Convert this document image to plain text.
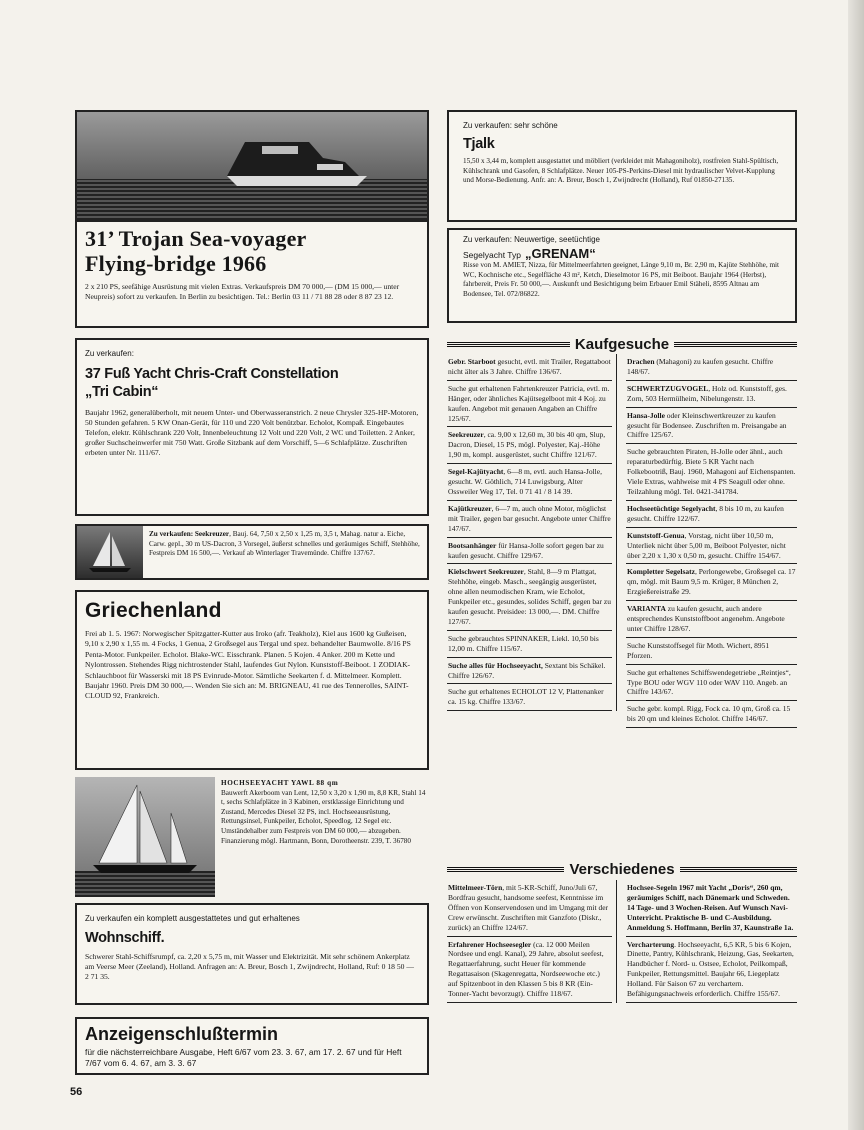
31’ Trojan Sea-voyager
Flying-bridge 1966

2 x 210 PS, seefähige Ausrüstung mit vielen Extras. Verkaufspreis DM 70 000,— (DM 15 000,— unter Neupreis) sofort zu verkaufen. In Berlin zu besichtigen. Tel.: Berlin 03 11 / 71 88 28 oder 8 87 23 12.

Zu verkaufen:
37 Fuß Yacht Chris-Craft Constellation
„Tri Cabin“

Baujahr 1962, generalüberholt, mit neuem Unter- und Oberwasseranstrich. 2 neue Chrysler 325-HP-Motoren, 50 Stunden gefahren. 5 KW Onan-Gerät, für 110 und 220 Volt benützbar. Echolot, Kompaß. Eingebautes Telefon, elektr. Kühlschrank 220 Volt, Innenbeleuchtung 12 Volt und 220 Volt, 2 WC und Toiletten. 2 Anker, großer Suchscheinwerfer mit 750 Watt. Große Sitzbank auf dem Vorschiff, 5—6 Schlafplätze. Zuschriften erbeten unter Nr. 111/67.

Zu verkaufen: Seekreuzer, Bauj. 64, 7,50 x 2,50 x 1,25 m, 3,5 t, Mahag. natur a. Eiche, Carw. gepl., 30 m US-Dacron, 3 Vorsegel, äußerst schnelles und geräumiges Schiff, Stehhöhe, Festpreis DM 16 500,—. Verkauf ab Winterlager Travemünde. Chiffre 137/67.
Griechenland

Frei ab 1. 5. 1967: Norwegischer Spitzgatter-Kutter aus Iroko (afr. Teakholz), Kiel aus 1600 kg Gußeisen, 9,10 x 2,90 x 1,55 m. 4 Focks, 1 Genua, 2 Großsegel aus Tergal und spez. behandelter Baumwolle. 8/16 PS Penta-Motor. Funkpeiler. Echolot. Blake-WC. Eisschrank. Planen. 5 Kojen. 4 Anker. 200 m Kette und Nylontrossen. Stehendes Rigg nichtrostender Stahl, laufendes Gut Nylon. Kunststoff-Beiboot. 1 ZODIAK-Schlauchboot für Wasserski mit 18 PS Evinrude-Motor. Sämtliche Seekarten f. d. Mittelmeer. Komplett. Baujahr 1960. Preis DM 30 000,—. Wenden Sie sich an: M. BRIGNEAU, 41 rue des Tennerolles, SAINT-CLOUD 92, Frankreich.

HOCHSEEYACHT YAWL 88 qm
Bauwerft Akerboom van Lent, 12,50 x 3,20 x 1,90 m, 8,8 KR, Stahl 14 t, sechs Schlafplätze in 3 Kabinen, erstklassige Einrichtung und Zustand, Mercedes Diesel 32 PS, incl. Hochseeausrüstung, Rettungsinsel, Funkpeiler, Echolot, Speedlog, 12 Segel etc. Umständehalber zum Festpreis von DM 60 000,— abzugeben. Finanzierung mögl. Hartmann, Bonn, Dorotheenstr. 239, T. 36780
Zu verkaufen ein komplett ausgestattetes und gut erhaltenes
Wohnschiff.

Schwerer Stahl-Schiffsrumpf, ca. 2,20 x 5,75 m, mit Wasser und Elektrizität. Mit sehr schönem Ankerplatz am Veerse Meer (Zeeland), Holland. Anfragen an: A. Breur, Bosch 1, Zwijndrecht, Holland, Ruf: 0 18 50 — 2 71 35.

Anzeigenschlußtermin

für die nächsterreichbare Ausgabe, Heft 6/67 vom 23. 3. 67, am 17. 2. 67 und für Heft 7/67 vom 6. 4. 67, am 3. 3. 67

Zu verkaufen: sehr schöne
Tjalk

15,50 x 3,44 m, komplett ausgestattet und möbliert (verkleidet mit Mahagoniholz), rostfreien Stahl-Spültisch, Kühlschrank und Gasofen, 8 Schlafplätze. Neuer 105-PS-Perkins-Diesel mit hydraulischer Velvet-Kupplung und Morse-Bedienung. Anfr. an: A. Breur, Bosch 1, Zwijndrecht (Holland), Ruf 01850-27135.

Zu verkaufen: Neuwertige, seetüchtige
Segelyacht Typ „GRENAM“

Risse von M. AMIET, Nizza, für Mittelmeerfahrten geeignet, Länge 9,10 m, Br. 2,90 m, Kajüte Stehhöhe, mit WC, Kochnische etc., Segelfläche 43 m², Ketch, Dieselmotor 16 PS, mit Beiboot. Baujahr 1964 (Herbst), fahrbereit, Preis Fr. 50 000,—. Auskunft und Besichtigung beim Erbauer Emil Stäheli, 8595 Altnau am Bodensee, Tel. 072/86822.

Kaufgesuche
Gebr. Starboot gesucht, evtl. mit Trailer, Regattaboot nicht älter als 3 Jahre. Chiffre 136/67.
Suche gut erhaltenen Fahrtenkreuzer Patricia, evtl. m. Hänger, oder ähnliches Kajütsegelboot mit 4 Koj. zu kaufen. Angebot mit genauen Angaben an Chiffre 125/67.
Seekreuzer, ca. 9,00 x 12,60 m, 30 bis 40 qm, Slup, Dacron, Diesel, 15 PS, mögl. Polyester, Kaj.-Höhe 1,90 m, kompl. ausgerüstet, sucht Chiffre 121/67.
Segel-Kajütyacht, 6—8 m, evtl. auch Hansa-Jolle, gesucht. W. Göthlich, 714 Luwigsburg, Alter Ossweiler Weg 17, Tel. 0 71 41 / 8 14 39.
Kajütkreuzer, 6—7 m, auch ohne Motor, möglichst mit Trailer, gegen bar gesucht. Angebote unter Chiffre 147/67.
Bootsanhänger für Hansa-Jolle sofort gegen bar zu kaufen gesucht. Chiffre 129/67.
Kielschwert Seekreuzer, Stahl, 8—9 m Plattgat, Stehhöhe, eingeb. Masch., seegängig ausgerüstet, ohne allen neumodischen Kram, wie Echolot, Funkpeiler etc., gesundes, solides Schiff, gegen bar zu kaufen gesucht. Preisidee: 13 000,—. DM. Chiffre 127/67.
Suche gebrauchtes SPINNAKER, Liekl. 10,50 bis 12,00 m. Chiffre 115/67.
Suche alles für Hochseeyacht, Sextant bis Schäkel. Chiffre 126/67.
Suche gut erhaltenes ECHOLOT 12 V, Plattenanker ca. 15 kg. Chiffre 133/67.
Drachen (Mahagoni) zu kaufen gesucht. Chiffre 148/67.
SCHWERTZUGVOGEL, Holz od. Kunststoff, ges. Zorn, 503 Hermülheim, Nibelungenstr. 13.
Hansa-Jolle oder Kleinschwertkreuzer zu kaufen gesucht für Bodensee. Zuschriften m. Preisangabe an Chiffre 125/67.
Suche gebrauchten Piraten, H-Jolle oder ähnl., auch reparaturbedürftig. Biete 5 KR Yacht nach Folkebootriß, Bauj. 1960, Mahagoni auf Eichenspanten. Viele Extras, wahlweise mit 4 PS Seagull oder ohne. Teilzahlung mögl. Tel. 0421-341784.
Hochseetüchtige Segelyacht, 8 bis 10 m, zu kaufen gesucht. Chiffre 122/67.
Kunststoff-Genua, Vorstag, nicht über 10,50 m, Unterliek nicht über 5,00 m, Beiboot Polyester, nicht über 2,20 x 1,30 x 0,50 m, gesucht. Chiffre 154/67.
Kompletter Segelsatz, Perlongewebe, Großsegel ca. 17 qm, mögl. mit Baum 9,5 m. Krüger, 8 München 2, Erzgießereistraße 29.
VARIANTA zu kaufen gesucht, auch andere entsprechendes Kunststoffboot angenehm. Angebote unter Chiffre 128/67.
Suche Kunststoffsegel für Moth. Wichert, 8951 Pforzen.
Suche gut erhaltenes Schiffswendegetriebe „Reintjes“, Type BOU oder WGV 110 oder WAV 110. Angeb. an Chiffre 143/67.
Suche gebr. kompl. Rigg, Fock ca. 10 qm, Groß ca. 15 bis 20 qm und kleines Echolot. Chiffre 146/67.
Verschiedenes
Mittelmeer-Törn, mit 5-KR-Schiff, Juno/Juli 67, Bordfrau gesucht, handsome seefest, Kenntnisse im Öffnen von Konservendosen und im Umgang mit der Crew erwünscht. Zuschriften mit Ganzfoto (Diskr., zurück) an Chiffre 124/67.
Erfahrener Hochseesegler (ca. 12 000 Meilen Nordsee und engl. Kanal), 29 Jahre, absolut seefest, Regattaerfahrung, sucht Heuer für kommende Regattasaison (Skagenregatta, Nordseewoche etc.) auf Spitzenboot in den Klassen 5 bis 8 KR (Ein-Tonner-Yacht bevorzugt). Chiffre 118/67.
Hochsee-Segeln 1967 mit Yacht „Doris“, 260 qm, geräumiges Schiff, nach Dänemark und Schweden. 14 Tage- und 3 Wochen-Reisen. Auf Wunsch Navi-Unterricht. Praktische B- und C-Ausbildung. Anmeldung S. Hoffmann, Berlin 37, Kaunstraße 1a.
Vercharterung. Hochseeyacht, 6,5 KR, 5 bis 6 Kojen, Dinette, Pantry, Kühlschrank, Heizung, Gas, Seekarten, Handbücher f. Nord- u. Ostsee, Echolot, Peilkompaß, Funkpeiler, Rettungsmittel. Baujahr 66, Liegeplatz Holland. Für Saison 67 zu verchartern. Befähigungsnachweis erforderlich. Chiffre 155/67.
56
